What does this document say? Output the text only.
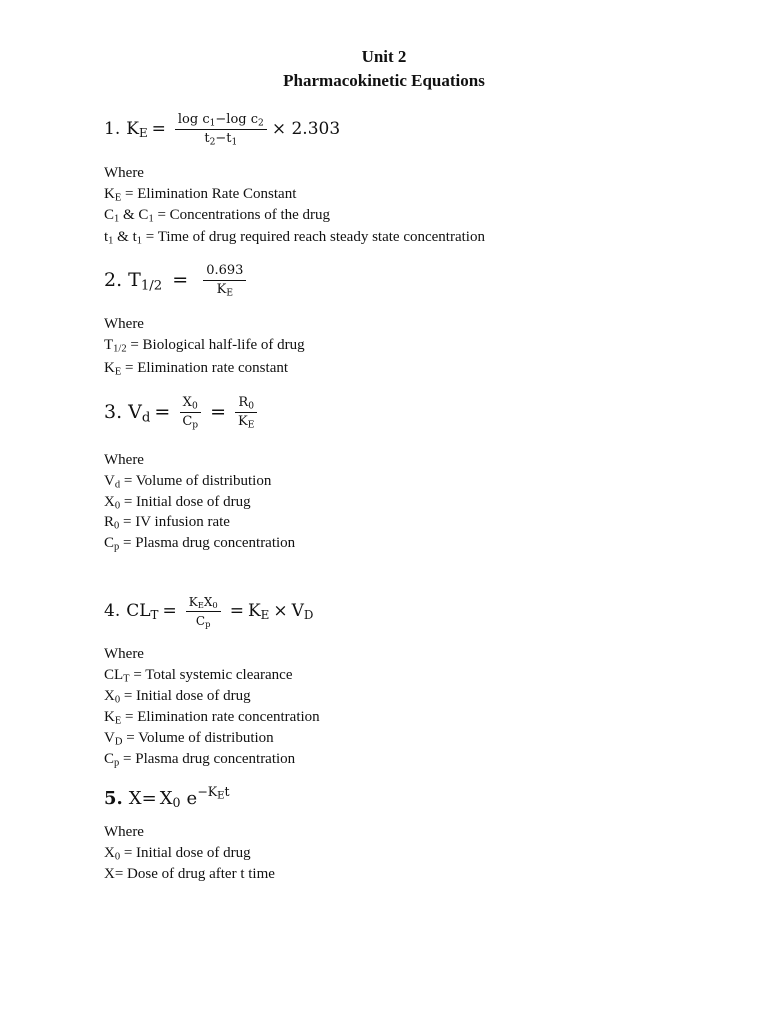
Unit 2
Pharmacokinetic Equations
1. $K_E = \frac{\log c_1-\log c_2}{t_2-t_1} \times 2.303$
Where
$K_E$ = Elimination Rate Constant
$C_1$ & $C_1$ = Concentrations of the drug
$t_1$ & $t_1$ = Time of drug required reach steady state concentration
2. $T_{1/2} = \frac{0.693}{K_E}$
Where
$T_{1/2}$ = Biological half-life of drug
$K_E$ = Elimination rate constant
3. $V_d = \frac{X_0}{C_p} = \frac{R_0}{K_E}$
Where
$V_d$ = Volume of distribution
$X_0$ = Initial dose of drug
$R_0$ = IV infusion rate
$C_p$ = Plasma drug concentration
4. $CL_T = \frac{K_EX_0}{C_p} = K_E \times V_D$
Where
$CL_T$ = Total systemic clearance
$X_0$ = Initial dose of drug
$K_E$ = Elimination rate concentration
$V_D$ = Volume of distribution
$C_p$ = Plasma drug concentration
5. $X= X_0$ $e^{-K_Et}$
Where
$X_0$ = Initial dose of drug
X= Dose of drug after t time
